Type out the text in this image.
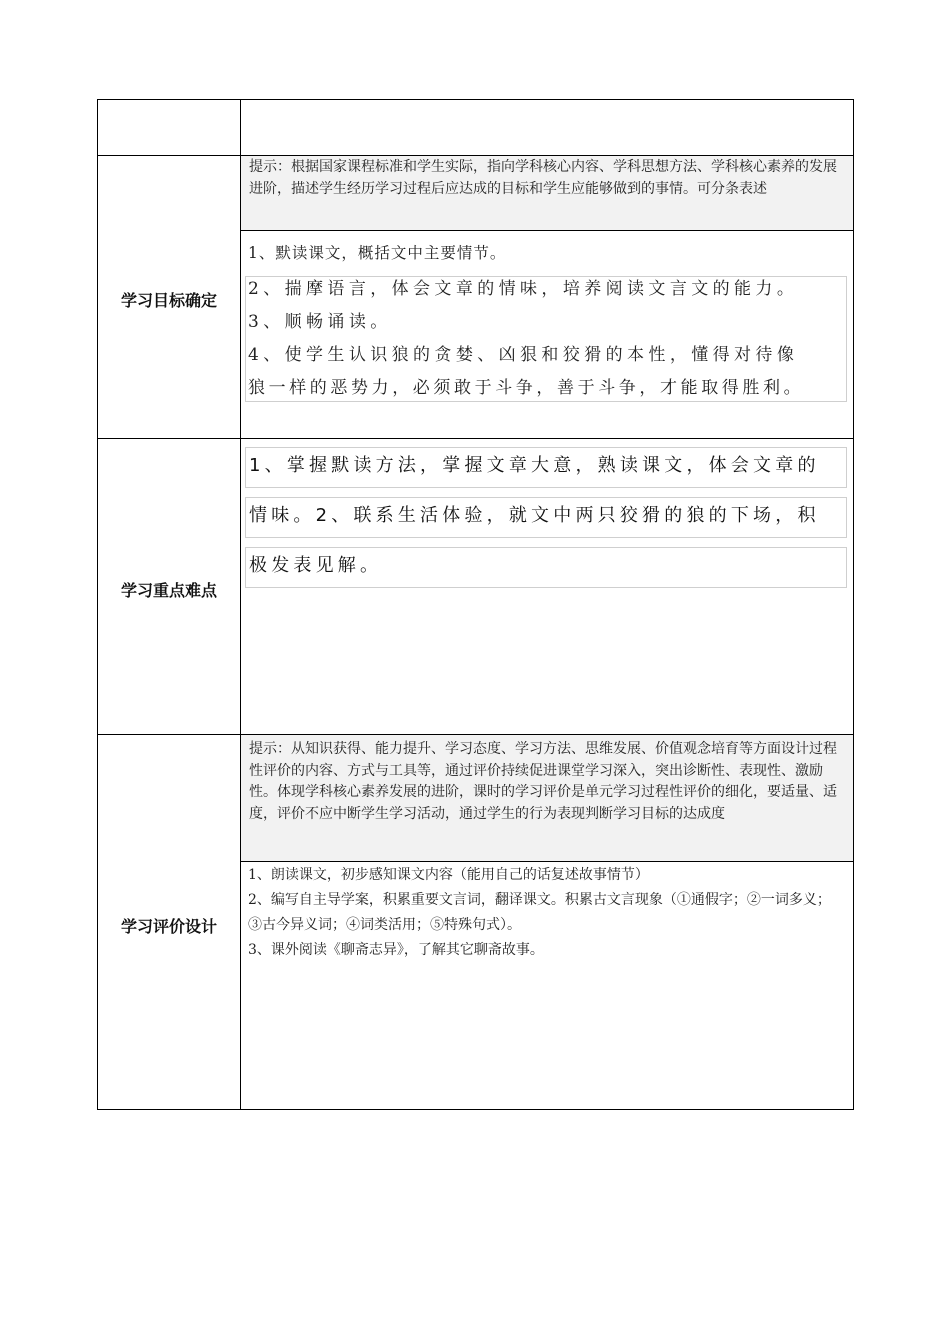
学习目标确定
提示：根据国家课程标准和学生实际，指向学科核心内容、学科思想方法、学科核心素养的发展进阶，描述学生经历学习过程后应达成的目标和学生应能够做到的事情。可分条表述
1、默读课文，概括文中主要情节。
2、揣摩语言，体会文章的情味，培养阅读文言文的能力。
3、顺畅诵读。
4、使学生认识狼的贪婪、凶狠和狡猾的本性，懂得对待像
狼一样的恶势力，必须敢于斗争，善于斗争，才能取得胜利。
学习重点难点
1、掌握默读方法，掌握文章大意，熟读课文，体会文章的
情味。2、联系生活体验，就文中两只狡猾的狼的下场，积
极发表见解。
学习评价设计
提示：从知识获得、能力提升、学习态度、学习方法、思维发展、价值观念培育等方面设计过程性评价的内容、方式与工具等，通过评价持续促进课堂学习深入，突出诊断性、表现性、激励性。体现学科核心素养发展的进阶，课时的学习评价是单元学习过程性评价的细化，要适量、适度，评价不应中断学生学习活动，通过学生的行为表现判断学习目标的达成度
1、朗读课文，初步感知课文内容（能用自己的话复述故事情节）
2、编写自主导学案，积累重要文言词，翻译课文。积累古文言现象（①通假字；②一词多义；③古今异义词；④词类活用；⑤特殊句式）。
3、课外阅读《聊斋志异》，了解其它聊斋故事。
